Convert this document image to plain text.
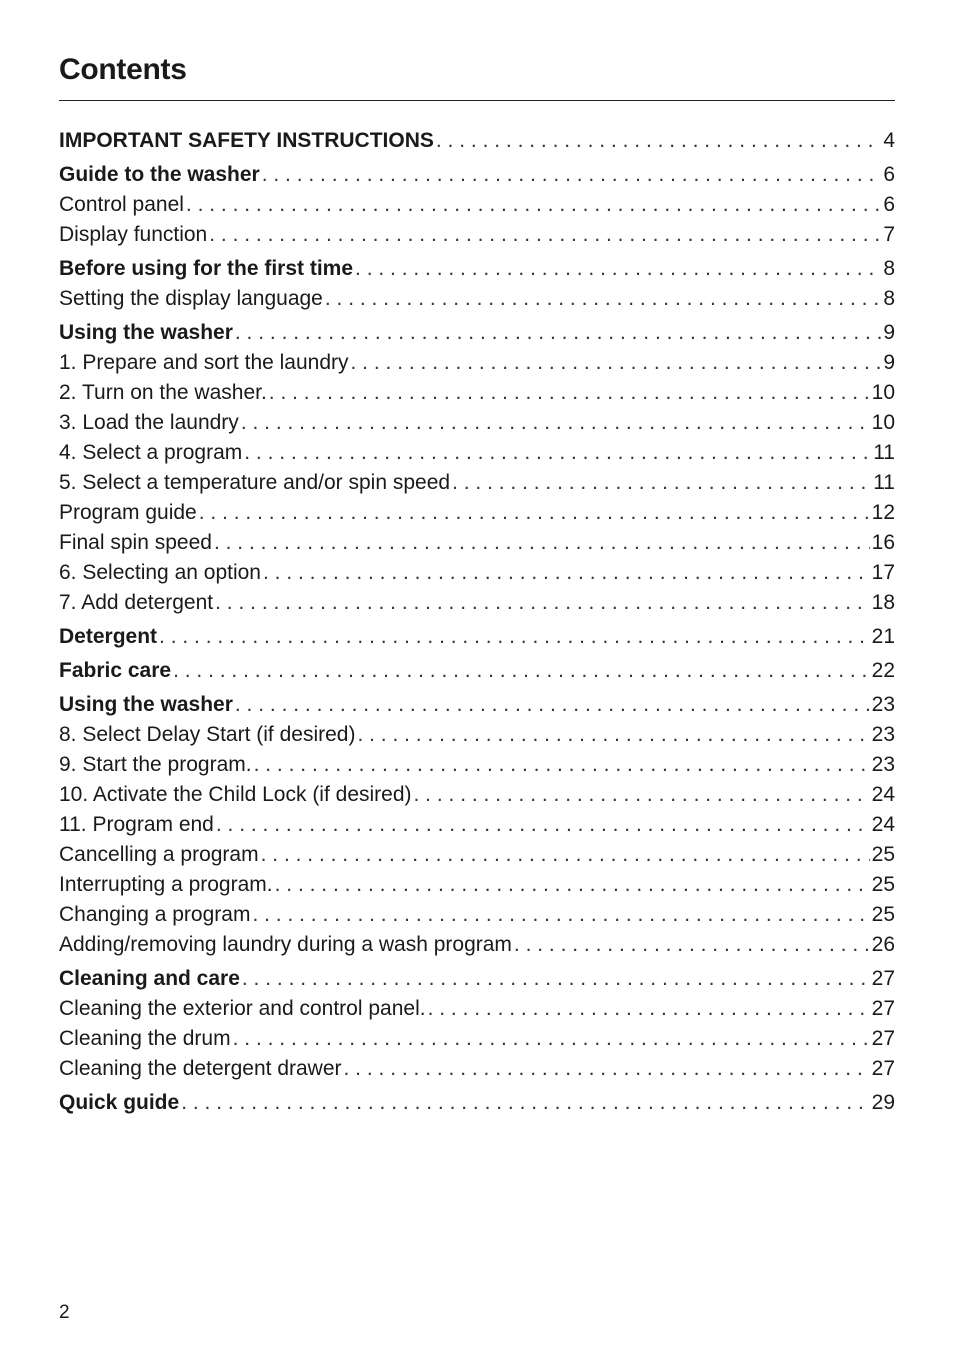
Contents
IMPORTANT SAFETY INSTRUCTIONS . . .	4
Guide to the washer . . .	6
Control panel . . .	6
Display function . . .	7
Before using for the first time . . .	8
Setting the display language . . .	8
Using the washer . . .	9
1. Prepare and sort the laundry . . .	9
2. Turn on the washer. . . .	10
3. Load the laundry . . .	10
4. Select a program . . .	11
5. Select a temperature and/or spin speed . . .	11
Program guide . . .	12
Final spin speed . . .	16
6. Selecting an option . . .	17
7. Add detergent . . .	18
Detergent . . .	21
Fabric care . . .	22
Using the washer . . .	23
8. Select Delay Start (if desired) . . .	23
9. Start the program. . . .	23
10. Activate the Child Lock (if desired) . . .	24
11. Program end . . .	24
Cancelling a program . . .	25
Interrupting a program. . . .	25
Changing a program . . .	25
Adding/removing laundry during a wash program . . .	26
Cleaning and care . . .	27
Cleaning the exterior and control panel. . . .	27
Cleaning the drum . . .	27
Cleaning the detergent drawer . . .	27
Quick guide . . .	29
2
